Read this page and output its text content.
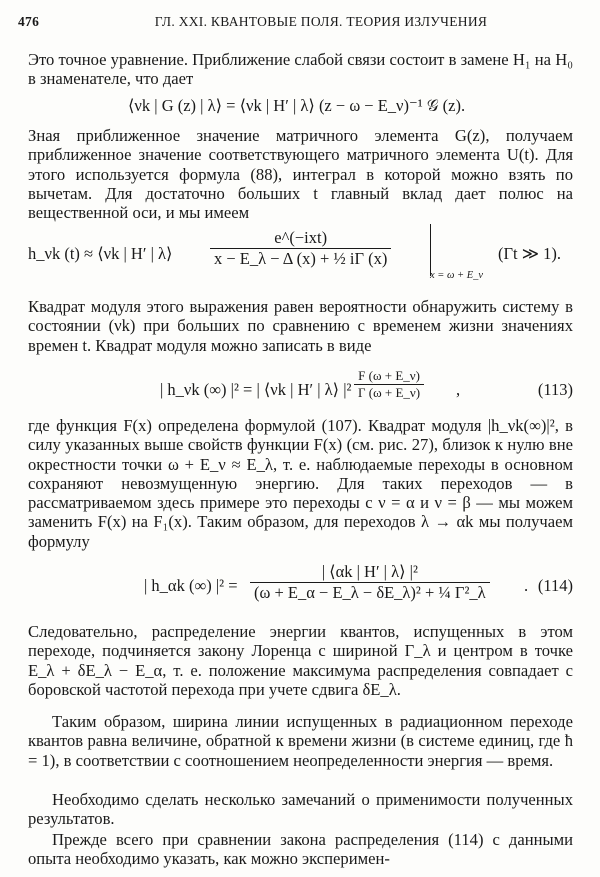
476	ГЛ. XXI. КВАНТОВЫЕ ПОЛЯ. ТЕОРИЯ ИЗЛУЧЕНИЯ

Это точное уравнение. Приближение слабой связи состоит в замене H₁ на H₀ в знаменателе, что дает

⟨νk | G (z) | λ⟩ = ⟨νk | H′ | λ⟩ (z − ω − E_ν)⁻¹ 𝒢 (z).

Зная приближенное значение матричного элемента G(z), получаем приближенное значение соответствующего матричного элемента U(t). Для этого используется формула (88), интеграл в которой можно взять по вычетам. Для достаточно больших t главный вклад дает полюс на вещественной оси, и мы имеем

h_νk (t) ≈ ⟨νk | H′ | λ⟩
e^(−ixt)
x − E_λ − Δ (x) + ½ iΓ (x)
x = ω + E_ν
(Γt ≫ 1).

Квадрат модуля этого выражения равен вероятности обнаружить систему в состоянии (νk) при больших по сравнению с временем жизни значениях времен t. Квадрат модуля можно записать в виде

| h_νk (∞) |² = | ⟨νk | H′ | λ⟩ $|^2 \frac{F (\omega + E\_\nu)}{\Gamma (\omega + E\_\nu)}$ ,	(113)

где функция F(x) определена формулой (107). Квадрат модуля |h_νk(∞)|², в силу указанных выше свойств функции F(x) (см. рис. 27), близок к нулю вне окрестности точки ω + E_ν ≈ E_λ, т. е. наблюдаемые переходы в основном сохраняют невозмущенную энергию. Для таких переходов — в рассматриваемом здесь примере это переходы с ν = α и ν = β — мы можем заменить F(x) на F₁(x). Таким образом, для переходов λ → αk мы получаем формулу

| h_αk (∞) $|^2 = \frac{\text{| ⟨αk | H′ | λ⟩ |²}}{\text{(ω + E\_α − E\_λ − δE\_λ)² + ¼ Γ²\_λ}}$ . (114)

Следовательно, распределение энергии квантов, испущенных в этом переходе, подчиняется законy Лоренца с шириной Γ_λ и центром в точке E_λ + δE_λ − E_α, т. е. положение максимума распределения совпадает с боровской частотой перехода при учете сдвига δE_λ.

Таким образом, ширина линии испущенных в радиационном переходе квантов равна величине, обратной к времени жизни (в системе единиц, где ħ = 1), в соответствии с соотношением неопределенности энергия — время.

Необходимо сделать несколько замечаний о применимости полученных результатов.

Прежде всего при сравнении закона распределения (114) с данными опыта необходимо указать, как можно эксперимен-
